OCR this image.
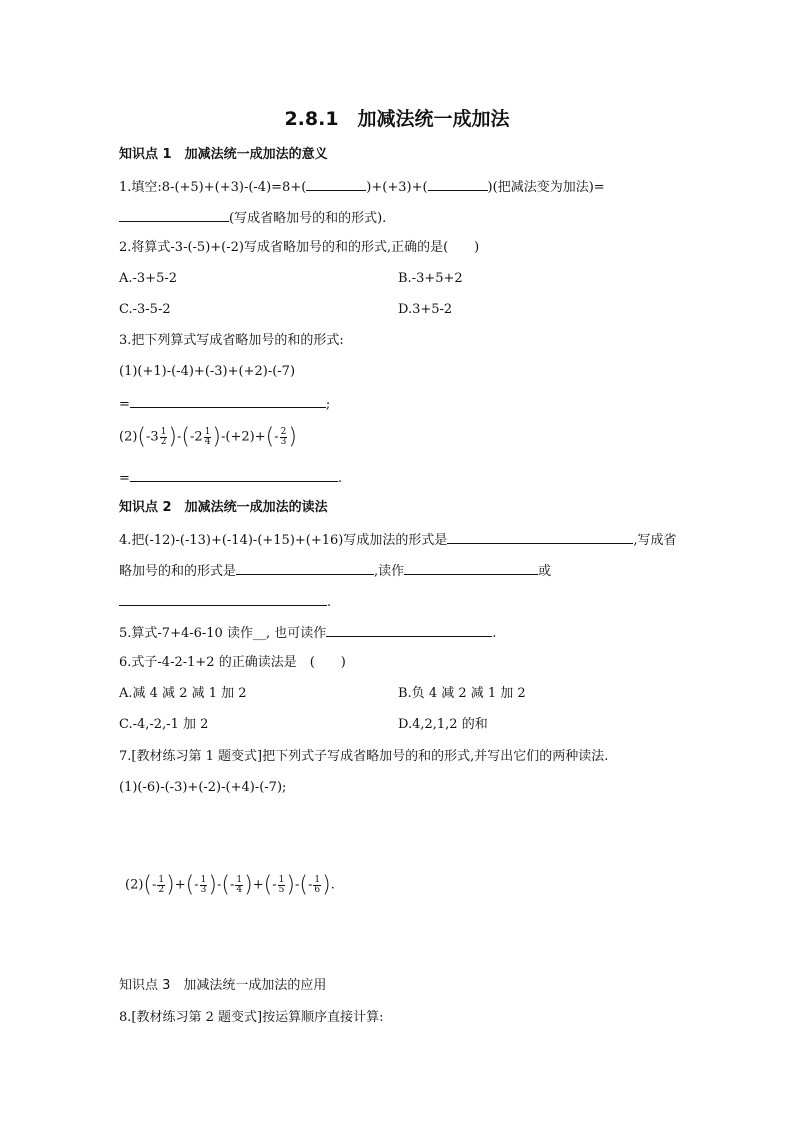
2.8.1　加减法统一成加法
知识点 1　加减法统一成加法的意义
1.填空:8-(+5)+(+3)-(-4)=8+(	)+(+3)+(	)(把减法变为加法)=
(写成省略加号的和的形式).
2.将算式-3-(-5)+(-2)写成省略加号的和的形式,正确的是(　　)
A.-3+5-2	B.-3+5+2
C.-3-5-2	D.3+5-2
3.把下列算式写成省略加号的和的形式:
(1)(+1)-(-4)+(-3)+(+2)-(-7)
=	;
$(2)(-3 \frac{1}{2} )-(-2 \frac{1}{4} )-(+2)+(- \frac{2}{3}$ )
=	.
知识点 2　加减法统一成加法的读法
4.把(-12)-(-13)+(-14)-(+15)+(+16)写成加法的形式是	,写成省
略加号的和的形式是	,读作	或
.
5.算式-7+4-6-10 读作__, 也可读作	.
6.式子-4-2-1+2 的正确读法是　(　　)
A.减 4 减 2 减 1 加 2	B.负 4 减 2 减 1 加 2
C.-4,-2,-1 加 2	D.4,2,1,2 的和
7.[教材练习第 1 题变式]把下列式子写成省略加号的和的形式,并写出它们的两种读法.
(1)(-6)-(-3)+(-2)-(+4)-(-7);
$(2)(- \frac{1}{2}$ )+(- $\frac{1}{3}$ )-(- $\frac{1}{4}$ )+(- $\frac{1}{5}$ )-(- $\frac{1}{6}$ ).
知识点 3　加减法统一成加法的应用
8.[教材练习第 2 题变式]按运算顺序直接计算:
